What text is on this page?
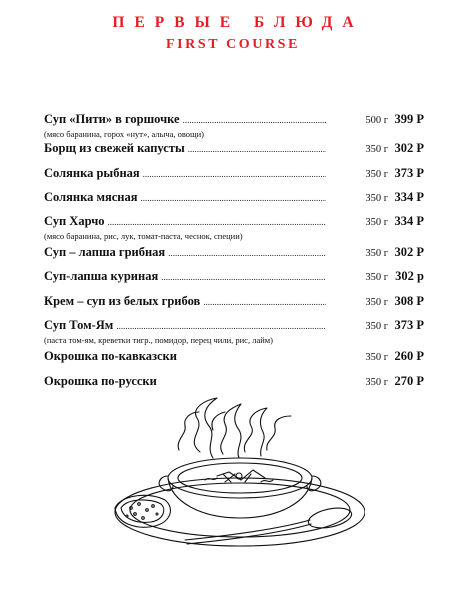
ПЕРВЫЕ БЛЮДА
FIRST COURSE
Суп «Пити» в горшочке .....	500 г 399 Р
(мясо баранина, горох «нут», алыча, овощи)
Борщ из свежей капусты .....	350 г 302 Р
Солянка рыбная .....	350 г 373 Р
Солянка мясная .....	350 г 334 Р
Суп Харчо .....	350 г 334 Р
(мясо баранина, рис, лук, томат-паста, чеснок, специи)
Суп – лапша грибная .....	350 г 302 Р
Суп-лапша куриная .....	350 г 302 р
Крем – суп из белых грибов .....	350 г 308 Р
Суп Том-Ям .....	350 г 373 Р
(паста том-ям, креветки тигр., помидор, перец чили, рис, лайм)
Окрошка по-кавказски	350 г 260 Р
Окрошка по-русски	350 г 270 Р
